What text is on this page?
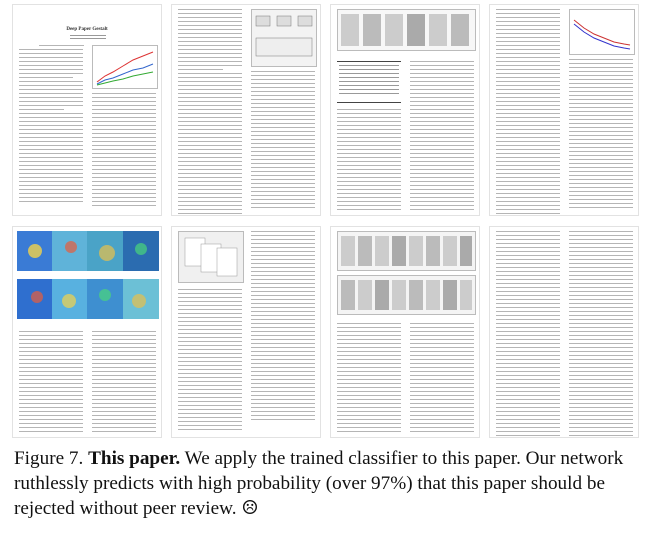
Deep Paper Gestalt
Figure 7. This paper. We apply the trained classifier to this paper. Our network ruthlessly predicts with high probability (over 97%) that this paper should be rejected without peer review. ☹
